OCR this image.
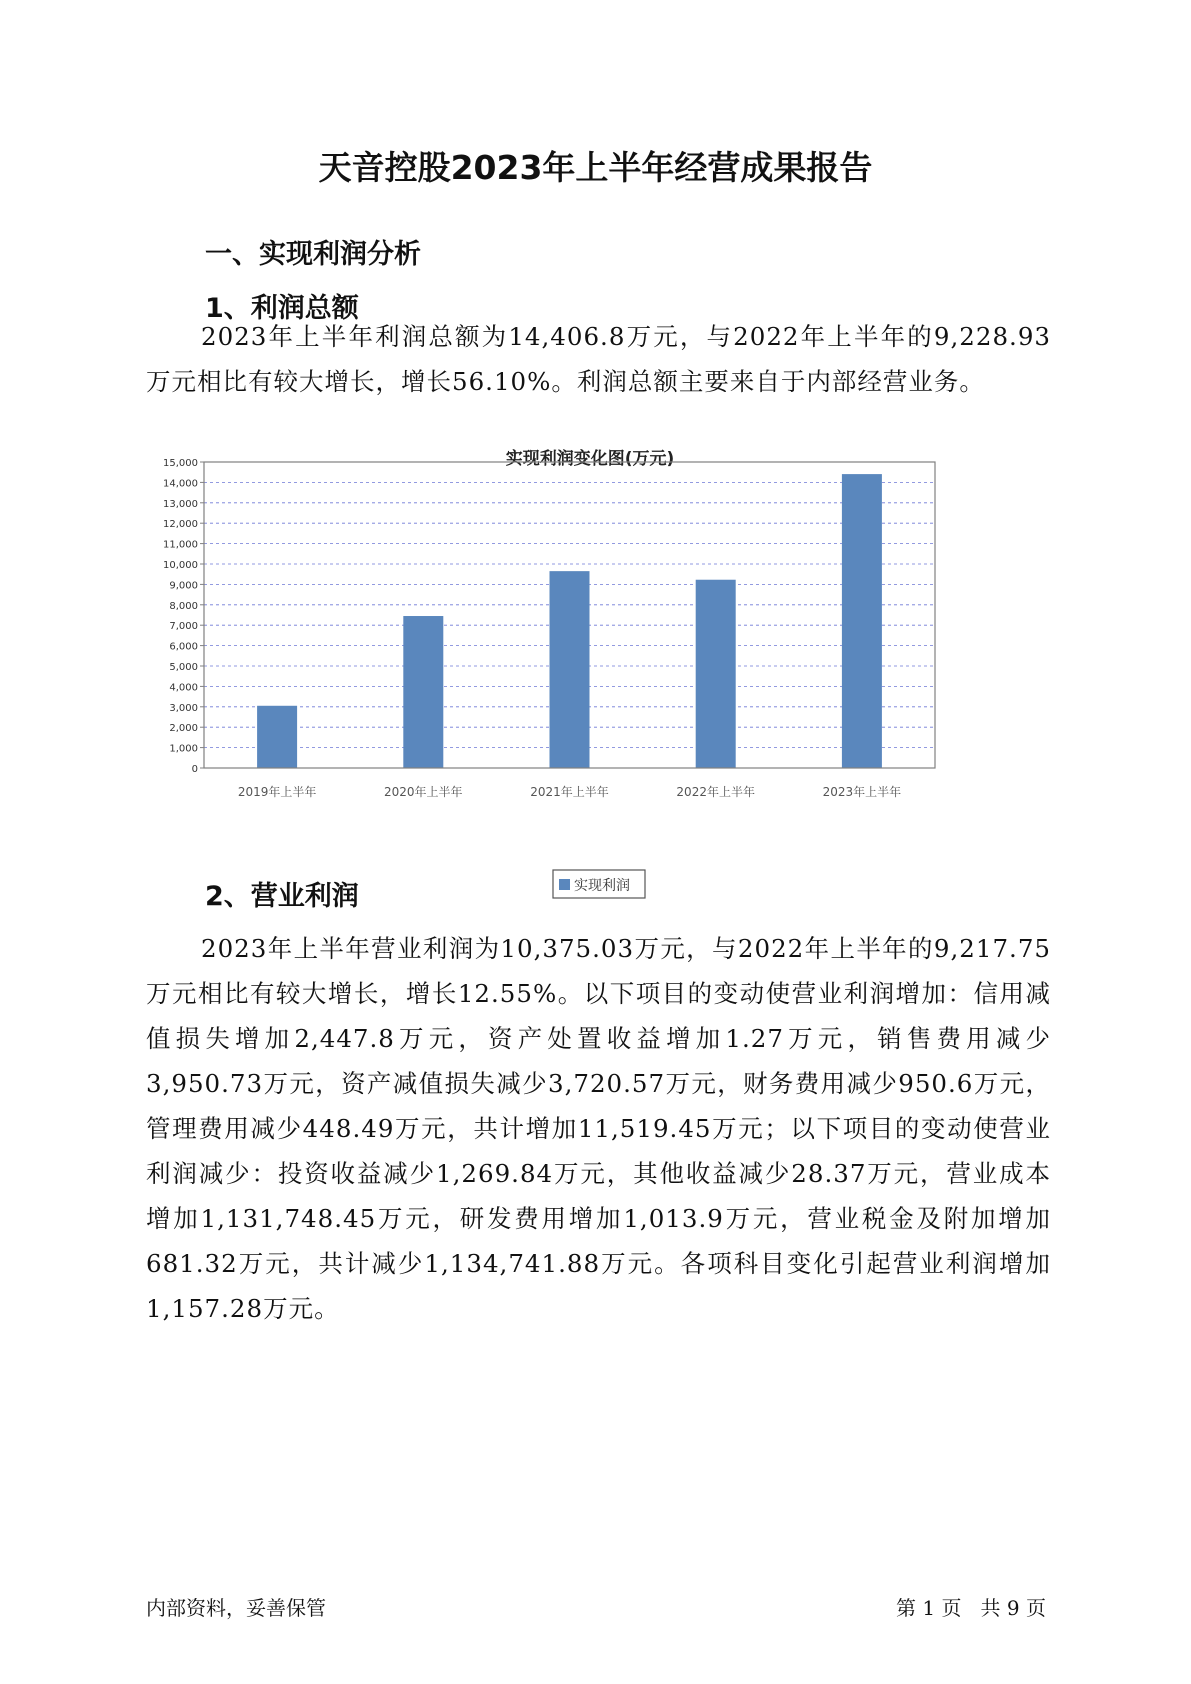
天音控股2023年上半年经营成果报告
一、实现利润分析
1、利润总额

2023年上半年利润总额为14,406.8万元，与2022年上半年的9,228.93万元相比有较大增长，增长56.10%。利润总额主要来自于内部经营业务。

实现利润变化图(万元)
0
1,000
2,000
3,000
4,000
5,000
6,000
7,000
8,000
9,000
10,000
11,000
12,000
13,000
14,000
15,000
2019年上半年	2020年上半年	2021年上半年	2022年上半年	2023年上半年
实现利润
2、营业利润

2023年上半年营业利润为10,375.03万元，与2022年上半年的9,217.75万元相比有较大增长，增长12.55%。以下项目的变动使营业利润增加：信用减值损失增加2,447.8万元，资产处置收益增加1.27万元，销售费用减少3,950.73万元，资产减值损失减少3,720.57万元，财务费用减少950.6万元，管理费用减少448.49万元，共计增加11,519.45万元；以下项目的变动使营业利润减少：投资收益减少1,269.84万元，其他收益减少28.37万元，营业成本增加1,131,748.45万元，研发费用增加1,013.9万元，营业税金及附加增加681.32万元，共计减少1,134,741.88万元。各项科目变化引起营业利润增加1,157.28万元。

内部资料，妥善保管	第 1 页   共 9 页
